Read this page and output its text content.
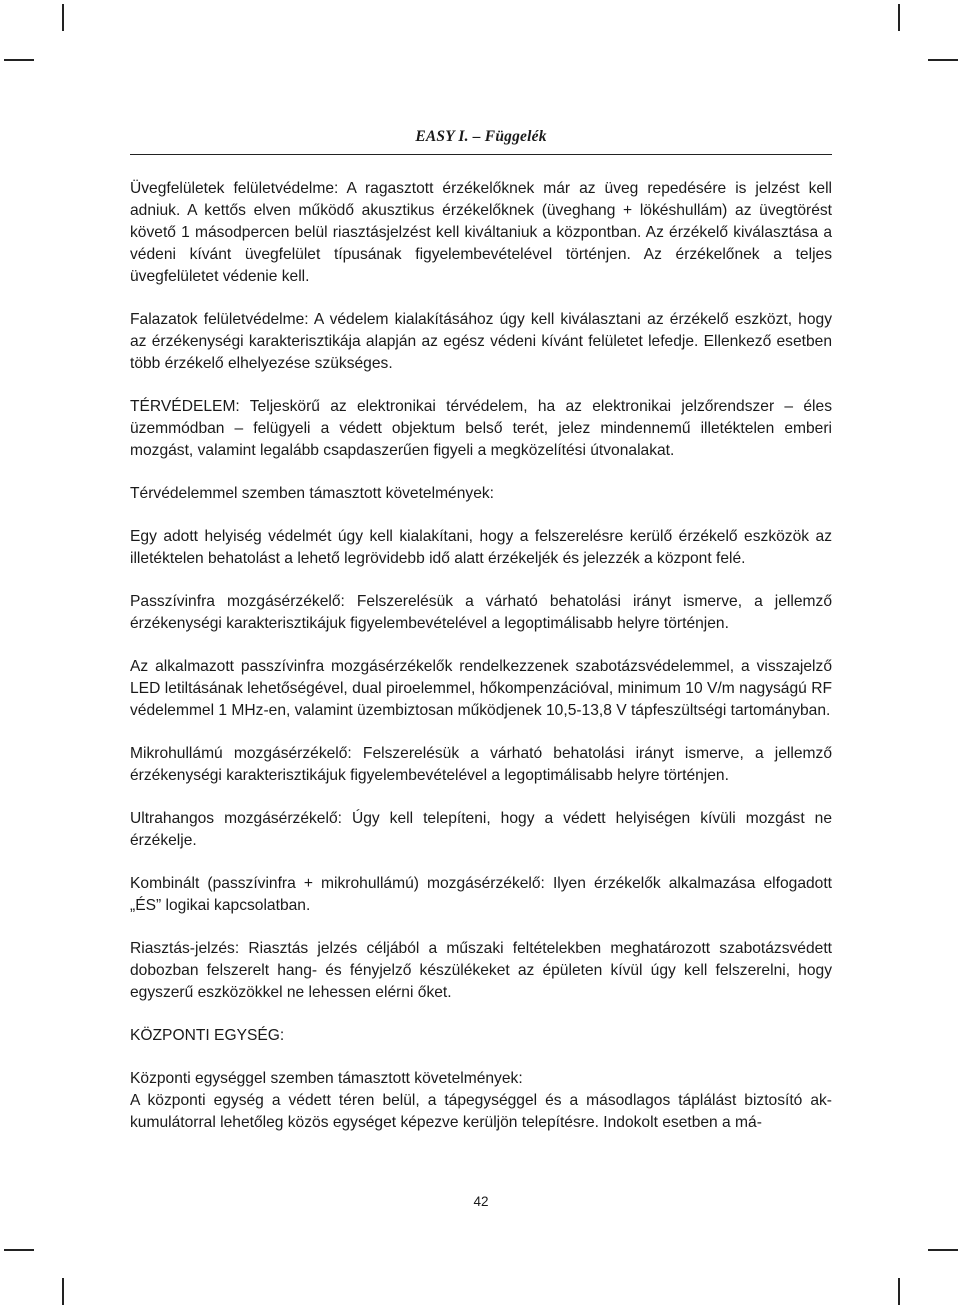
EASY I. – Függelék

Üvegfelületek felületvédelme: A ragasztott érzékelőknek már az üveg repedésére is jelzést kell adniuk. A kettős elven működő akusztikus érzékelőknek (üveghang + lökéshullám) az üvegtörést követő 1 másodpercen belül riasztásjelzést kell kiváltaniuk a központban. Az érzékelő kiválasztása a védeni kívánt üvegfelület típusának figyelembevételével történjen. Az érzékelőnek a teljes üvegfelületet védenie kell.

Falazatok felületvédelme: A védelem kialakításához úgy kell kiválasztani az érzékelő eszközt, hogy az érzékenységi karakterisztikája alapján az egész védeni kívánt felületet lefedje. Ellenkező esetben több érzékelő elhelyezése szükséges.

TÉRVÉDELEM: Teljeskörű az elektronikai térvédelem, ha az elektronikai jelzőrendszer – éles üzemmódban – felügyeli a védett objektum belső terét, jelez mindennemű illetéktelen emberi mozgást, valamint legalább csapdaszerűen figyeli a megközelítési útvonalakat.

Térvédelemmel szemben támasztott követelmények:

Egy adott helyiség védelmét úgy kell kialakítani, hogy a felszerelésre kerülő érzékelő eszközök az illetéktelen behatolást a lehető legrövidebb idő alatt érzékeljék és jelezzék a központ felé.

Passzívinfra mozgásérzékelő: Felszerelésük a várható behatolási irányt ismerve, a jellemző érzékenységi karakterisztikájuk figyelembevételével a legoptimálisabb helyre történjen.

Az alkalmazott passzívinfra mozgásérzékelők rendelkezzenek szabotázsvédelemmel, a visszajelző LED letiltásának lehetőségével, dual piroelemmel, hőkompenzációval, minimum 10 V/m nagyságú RF védelemmel 1 MHz-en, valamint üzembiztosan működjenek 10,5-13,8 V tápfeszültségi tartományban.

Mikrohullámú mozgásérzékelő: Felszerelésük a várható behatolási irányt ismerve, a jellemző érzékenységi karakterisztikájuk figyelembevételével a legoptimálisabb helyre történjen.

Ultrahangos mozgásérzékelő: Úgy kell telepíteni, hogy a védett helyiségen kívüli mozgást ne érzékelje.

Kombinált (passzívinfra + mikrohullámú) mozgásérzékelő: Ilyen érzékelők alkalmazása elfogadott „ÉS” logikai kapcsolatban.

Riasztás-jelzés: Riasztás jelzés céljából a műszaki feltételekben meghatározott szabotázsvédett dobozban felszerelt hang- és fényjelző készülékeket az épületen kívül úgy kell felszerelni, hogy egyszerű eszközökkel ne lehessen elérni őket.

KÖZPONTI EGYSÉG:

Központi egységgel szemben támasztott követelmények:

A központi egység a védett téren belül, a tápegységgel és a másodlagos táplálást biztosító akkumulátorral lehetőleg közös egységet képezve kerüljön telepítésre. Indokolt esetben a má-

42
